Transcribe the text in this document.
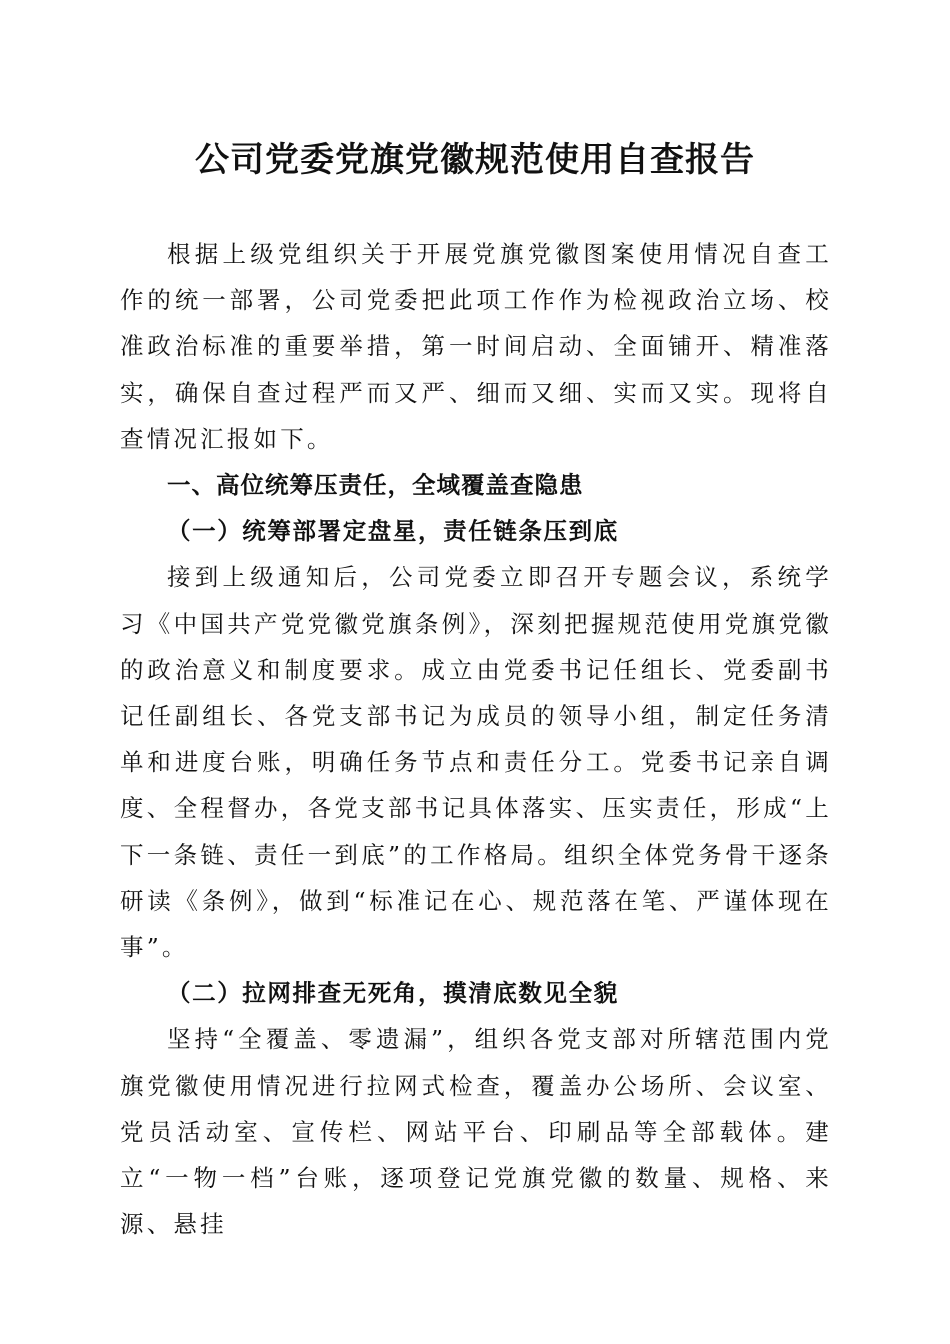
公司党委党旗党徽规范使用自查报告

根据上级党组织关于开展党旗党徽图案使用情况自查工作的统一部署，公司党委把此项工作作为检视政治立场、校准政治标准的重要举措，第一时间启动、全面铺开、精准落实，确保自查过程严而又严、细而又细、实而又实。现将自查情况汇报如下。

一、高位统筹压责任，全域覆盖查隐患

（一）统筹部署定盘星，责任链条压到底

接到上级通知后，公司党委立即召开专题会议，系统学习《中国共产党党徽党旗条例》，深刻把握规范使用党旗党徽的政治意义和制度要求。成立由党委书记任组长、党委副书记任副组长、各党支部书记为成员的领导小组，制定任务清单和进度台账，明确任务节点和责任分工。党委书记亲自调度、全程督办，各党支部书记具体落实、压实责任，形成“上下一条链、责任一到底”的工作格局。组织全体党务骨干逐条研读《条例》，做到“标准记在心、规范落在笔、严谨体现在事”。

（二）拉网排查无死角，摸清底数见全貌

坚持“全覆盖、零遗漏”，组织各党支部对所辖范围内党旗党徽使用情况进行拉网式检查，覆盖办公场所、会议室、党员活动室、宣传栏、网站平台、印刷品等全部载体。建立“一物一档”台账，逐项登记党旗党徽的数量、规格、来源、悬挂
